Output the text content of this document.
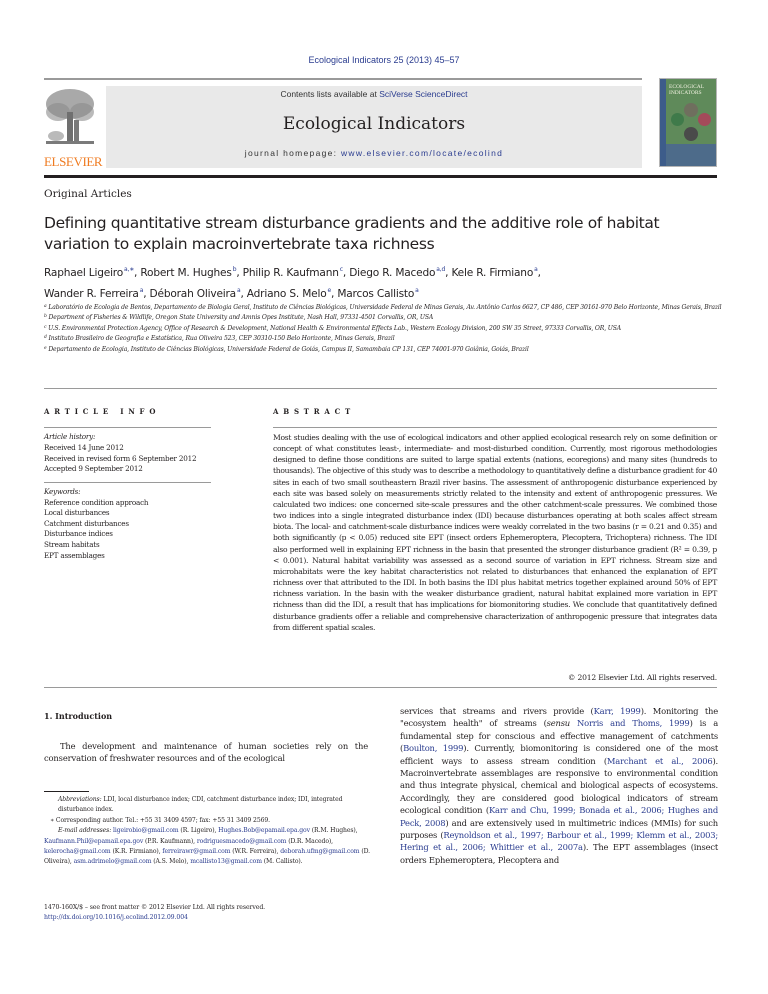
Ecological Indicators 25 (2013) 45–57
ELSEVIER
Contents lists available at SciVerse ScienceDirect
Ecological Indicators
journal homepage: www.elsevier.com/locate/ecolind
ECOLOGICAL
INDICATORS
Original Articles
Defining quantitative stream disturbance gradients and the additive role of habitat variation to explain macroinvertebrate taxa richness
Raphael Ligeiro$^{a,∗}$, Robert M. Hughes$^b$, Philip R. Kaufmann$^c$, Diego R. Macedo$^{a,d}$, Kele R. Firmiano$^a$,
Wander R. Ferreira$^a$, Déborah Oliveira$^a$, Adriano S. Melo$^e$, Marcos Callisto$^a$
$^a$ Laboratório de Ecologia de Bentos, Departamento de Biologia Geral, Instituto de Ciências Biológicas, Universidade Federal de Minas Gerais, Av. Antônio Carlos 6627, CP 486, CEP 30161-970 Belo Horizonte, Minas Gerais, Brazil
$^b$ Department of Fisheries & Wildlife, Oregon State University and Amnis Opes Institute, Nash Hall, 97331-4501 Corvallis, OR, USA
$^c$ U.S. Environmental Protection Agency, Office of Research & Development, National Health & Environmental Effects Lab., Western Ecology Division, 200 SW 35 Street, 97333 Corvallis, OR, USA
$^d$ Instituto Brasileiro de Geografia e Estatística, Rua Oliveira 523, CEP 30310-150 Belo Horizonte, Minas Gerais, Brazil
$^e$ Departamento de Ecologia, Instituto de Ciências Biológicas, Universidade Federal de Goiás, Campus II, Samambaia CP 131, CEP 74001-970 Goiânia, Goiás, Brazil
ARTICLE INFO	ABSTRACT
Article history:
Received 14 June 2012
Received in revised form 6 September 2012
Accepted 9 September 2012
Keywords:
Reference condition approach
Local disturbances
Catchment disturbances
Disturbance indices
Stream habitats
EPT assemblages

Most studies dealing with the use of ecological indicators and other applied ecological research rely on some definition or concept of what constitutes least-, intermediate- and most-disturbed condition. Currently, most rigorous methodologies designed to define those conditions are suited to large spatial extents (nations, ecoregions) and many sites (hundreds to thousands). The objective of this study was to describe a methodology to quantitatively define a disturbance gradient for 40 sites in each of two small southeastern Brazil river basins. The assessment of anthropogenic disturbance experienced by each site was based solely on measurements strictly related to the intensity and extent of anthropogenic pressures. We calculated two indices: one concerned site-scale pressures and the other catchment-scale pressures. We combined those two indices into a single integrated disturbance index (IDI) because disturbances operating at both scales affect stream biota. The local- and catchment-scale disturbance indices were weakly correlated in the two basins (r = 0.21 and 0.35) and both significantly (p < 0.05) reduced site EPT (insect orders Ephemeroptera, Plecoptera, Trichoptera) richness. The IDI also performed well in explaining EPT richness in the basin that presented the stronger disturbance gradient (R² = 0.39, p < 0.001). Natural habitat variability was assessed as a second source of variation in EPT richness. Stream size and microhabitats were the key habitat characteristics not related to disturbances that enhanced the explanation of EPT richness over that attributed to the IDI. In both basins the IDI plus habitat metrics together explained around 50% of EPT richness variation. In the basin with the weaker disturbance gradient, natural habitat explained more variation in EPT richness than did the IDI, a result that has implications for biomonitoring studies. We conclude that quantitatively defined disturbance gradients offer a reliable and comprehensive characterization of anthropogenic pressure that integrates data from different spatial scales.

© 2012 Elsevier Ltd. All rights reserved.
1. Introduction

The development and maintenance of human societies rely on the conservation of freshwater resources and of the ecological

Abbreviations: LDI, local disturbance index; CDI, catchment disturbance index; IDI, integrated disturbance index.
∗ Corresponding author. Tel.: +55 31 3409 4597; fax: +55 31 3409 2569.
E-mail addresses: ligeirobio@gmail.com (R. Ligeiro), Hughes.Bob@epamail.epa.gov (R.M. Hughes), Kaufmann.Phil@epamail.epa.gov (P.R. Kaufmann), rodriguesmacedo@gmail.com (D.R. Macedo), kelerocha@gmail.com (K.R. Firmiano), ferreirawr@gmail.com (W.R. Ferreira), deborah.ufmg@gmail.com (D. Oliveira), asm.adrimelo@gmail.com (A.S. Melo), mcallisto13@gmail.com (M. Callisto).
1470-160X/$ – see front matter © 2012 Elsevier Ltd. All rights reserved.
http://dx.doi.org/10.1016/j.ecolind.2012.09.004

services that streams and rivers provide (Karr, 1999). Monitoring the "ecosystem health" of streams (sensu Norris and Thoms, 1999) is a fundamental step for conscious and effective management of catchments (Boulton, 1999). Currently, biomonitoring is considered one of the most efficient ways to assess stream condition (Marchant et al., 2006). Macroinvertebrate assemblages are responsive to environmental condition and thus integrate physical, chemical and biological aspects of ecosystems. Accordingly, they are considered good biological indicators of stream ecological condition (Karr and Chu, 1999; Bonada et al., 2006; Hughes and Peck, 2008) and are extensively used in multimetric indices (MMIs) for such purposes (Reynoldson et al., 1997; Barbour et al., 1999; Klemm et al., 2003; Hering et al., 2006; Whittier et al., 2007a). The EPT assemblages (insect orders Ephemeroptera, Plecoptera and
